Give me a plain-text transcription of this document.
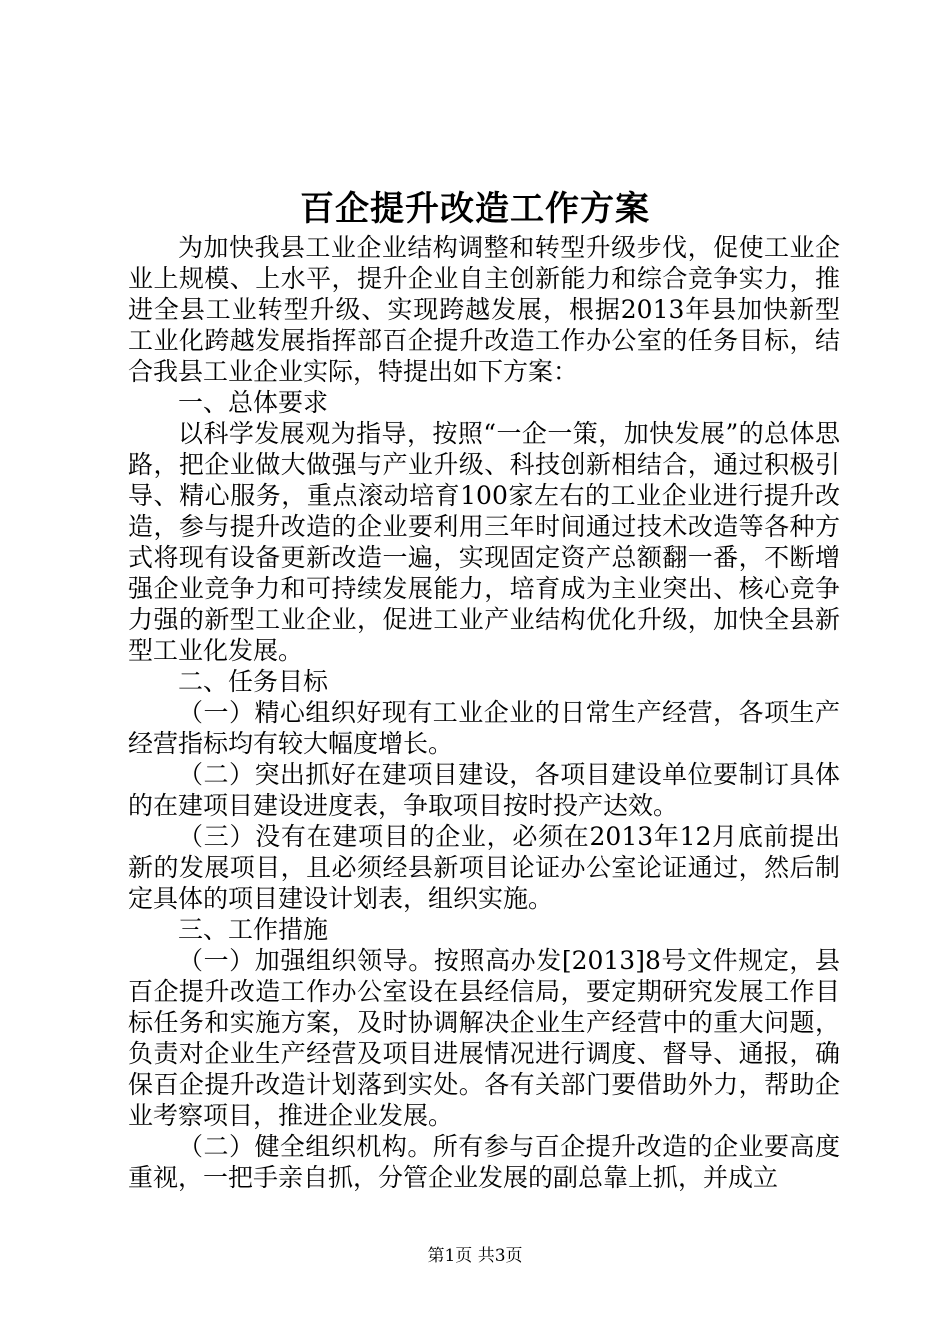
百企提升改造工作方案

为加快我县工业企业结构调整和转型升级步伐，促使工业企业上规模、上水平，提升企业自主创新能力和综合竞争实力，推进全县工业转型升级、实现跨越发展，根据2013年县加快新型工业化跨越发展指挥部百企提升改造工作办公室的任务目标，结合我县工业企业实际，特提出如下方案：

一、总体要求

以科学发展观为指导，按照“一企一策，加快发展”的总体思路，把企业做大做强与产业升级、科技创新相结合，通过积极引导、精心服务，重点滚动培育100家左右的工业企业进行提升改造，参与提升改造的企业要利用三年时间通过技术改造等各种方式将现有设备更新改造一遍，实现固定资产总额翻一番，不断增强企业竞争力和可持续发展能力，培育成为主业突出、核心竞争力强的新型工业企业，促进工业产业结构优化升级，加快全县新型工业化发展。

二、任务目标

（一）精心组织好现有工业企业的日常生产经营，各项生产经营指标均有较大幅度增长。

（二）突出抓好在建项目建设，各项目建设单位要制订具体的在建项目建设进度表，争取项目按时投产达效。

（三）没有在建项目的企业，必须在2013年12月底前提出新的发展项目，且必须经县新项目论证办公室论证通过，然后制定具体的项目建设计划表，组织实施。

三、工作措施

（一）加强组织领导。按照高办发[2013]8号文件规定，县百企提升改造工作办公室设在县经信局，要定期研究发展工作目标任务和实施方案，及时协调解决企业生产经营中的重大问题，负责对企业生产经营及项目进展情况进行调度、督导、通报，确保百企提升改造计划落到实处。各有关部门要借助外力，帮助企业考察项目，推进企业发展。

（二）健全组织机构。所有参与百企提升改造的企业要高度重视，一把手亲自抓，分管企业发展的副总靠上抓，并成立

第1页 共3页
